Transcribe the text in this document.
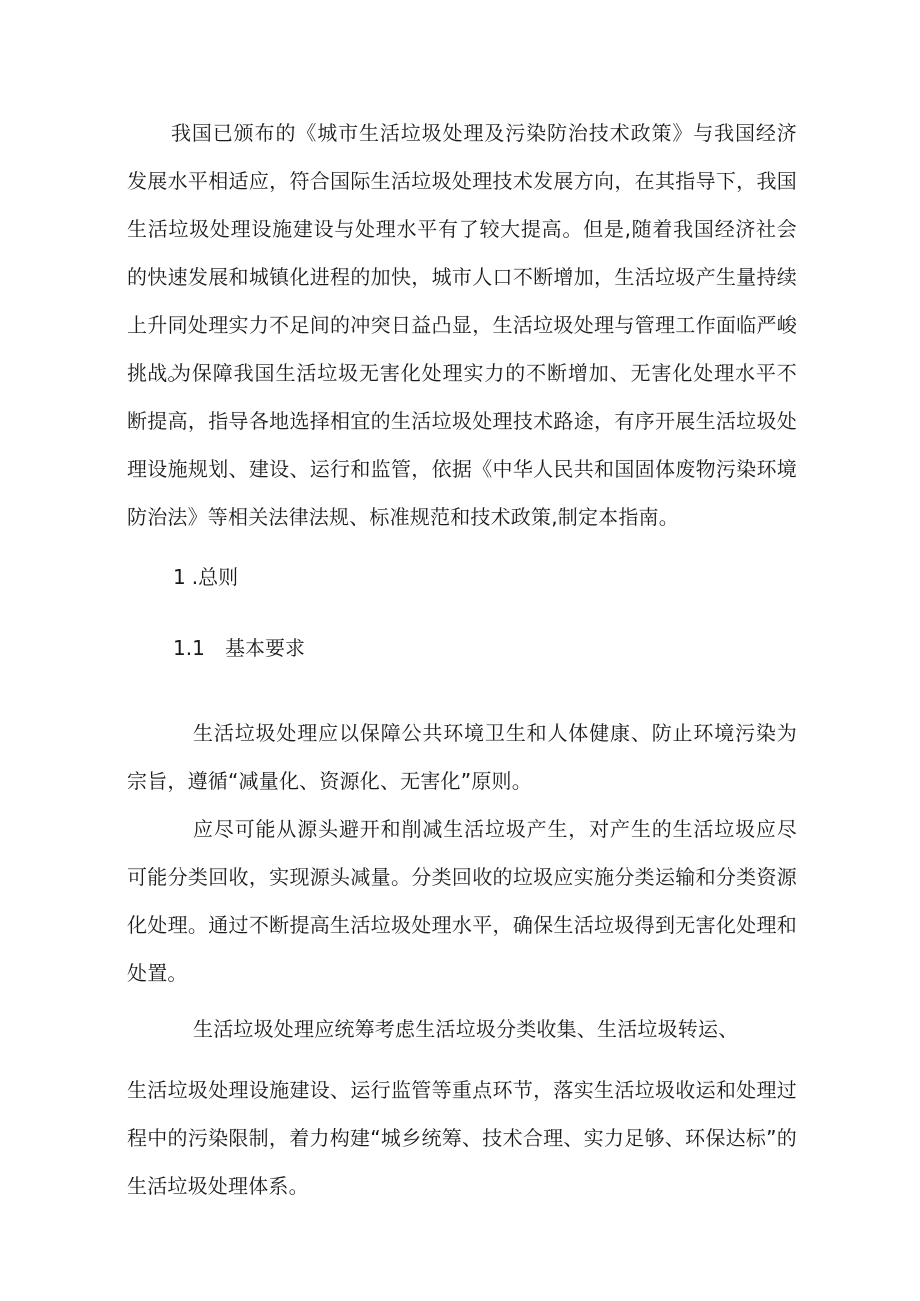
我国已颁布的《城市生活垃圾处理及污染防治技术政策》与我国经济发展水平相适应，符合国际生活垃圾处理技术发展方向，在其指导下，我国生活垃圾处理设施建设与处理水平有了较大提高。但是,随着我国经济社会的快速发展和城镇化进程的加快，城市人口不断增加，生活垃圾产生量持续上升同处理实力不足间的冲突日益凸显，生活垃圾处理与管理工作面临严峻挑战。

为保障我国生活垃圾无害化处理实力的不断增加、无害化处理水平不断提高，指导各地选择相宜的生活垃圾处理技术路途，有序开展生活垃圾处理设施规划、建设、运行和监管，依据《中华人民共和国固体废物污染环境防治法》等相关法律法规、标准规范和技术政策,制定本指南。

1 .总则
1.1 基本要求

生活垃圾处理应以保障公共环境卫生和人体健康、防止环境污染为宗旨，遵循“减量化、资源化、无害化”原则。

应尽可能从源头避开和削减生活垃圾产生，对产生的生活垃圾应尽可能分类回收，实现源头减量。分类回收的垃圾应实施分类运输和分类资源化处理。通过不断提高生活垃圾处理水平，确保生活垃圾得到无害化处理和处置。

生活垃圾处理应统筹考虑生活垃圾分类收集、生活垃圾转运、

生活垃圾处理设施建设、运行监管等重点环节，落实生活垃圾收运和处理过程中的污染限制，着力构建“城乡统筹、技术合理、实力足够、环保达标”的生活垃圾处理体系。
